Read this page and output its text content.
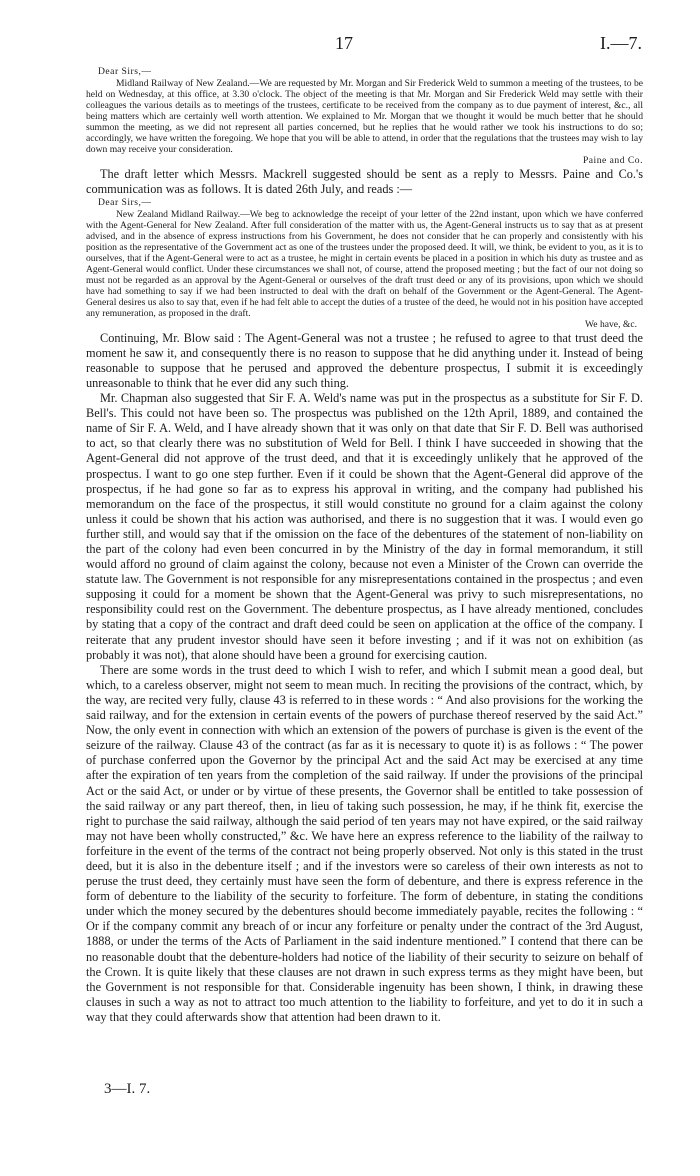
17	I.—7.

Dear Sirs,—

Midland Railway of New Zealand.—We are requested by Mr. Morgan and Sir Frederick Weld to summon a meeting of the trustees, to be held on Wednesday, at this office, at 3.30 o'clock. The object of the meeting is that Mr. Morgan and Sir Frederick Weld may settle with their colleagues the various details as to meetings of the trustees, certificate to be received from the company as to due payment of interest, &c., all being matters which are certainly well worth attention. We explained to Mr. Morgan that we thought it would be much better that he should summon the meeting, as we did not represent all parties concerned, but he replies that he would rather we took his instructions to do so; accordingly, we have written the foregoing. We hope that you will be able to attend, in order that the regulations that the trustees may wish to lay down may receive your consideration.

Paine and Co.

The draft letter which Messrs. Mackrell suggested should be sent as a reply to Messrs. Paine and Co.'s communication was as follows. It is dated 26th July, and reads :—

Dear Sirs,—

New Zealand Midland Railway.—We beg to acknowledge the receipt of your letter of the 22nd instant, upon which we have conferred with the Agent-General for New Zealand. After full consideration of the matter with us, the Agent-General instructs us to say that as at present advised, and in the absence of express instructions from his Government, he does not consider that he can properly and consistently with his position as the representative of the Government act as one of the trustees under the proposed deed. It will, we think, be evident to you, as it is to ourselves, that if the Agent-General were to act as a trustee, he might in certain events be placed in a position in which his duty as trustee and as Agent-General would conflict. Under these circumstances we shall not, of course, attend the proposed meeting ; but the fact of our not doing so must not be regarded as an approval by the Agent-General or ourselves of the draft trust deed or any of its provisions, upon which we should have had something to say if we had been instructed to deal with the draft on behalf of the Government or the Agent-General. The Agent-General desires us also to say that, even if he had felt able to accept the duties of a trustee of the deed, he would not in his position have accepted any remuneration, as proposed in the draft.

We have, &c.

Continuing, Mr. Blow said : The Agent-General was not a trustee ; he refused to agree to that trust deed the moment he saw it, and consequently there is no reason to suppose that he did anything under it. Instead of being reasonable to suppose that he perused and approved the debenture prospectus, I submit it is exceedingly unreasonable to think that he ever did any such thing.

Mr. Chapman also suggested that Sir F. A. Weld's name was put in the prospectus as a substitute for Sir F. D. Bell's. This could not have been so. The prospectus was published on the 12th April, 1889, and contained the name of Sir F. A. Weld, and I have already shown that it was only on that date that Sir F. D. Bell was authorised to act, so that clearly there was no substitution of Weld for Bell. I think I have succeeded in showing that the Agent-General did not approve of the trust deed, and that it is exceedingly unlikely that he approved of the prospectus. I want to go one step further. Even if it could be shown that the Agent-General did approve of the prospectus, if he had gone so far as to express his approval in writing, and the company had published his memorandum on the face of the prospectus, it still would constitute no ground for a claim against the colony unless it could be shown that his action was authorised, and there is no suggestion that it was. I would even go further still, and would say that if the omission on the face of the debentures of the statement of non-liability on the part of the colony had even been concurred in by the Ministry of the day in formal memorandum, it still would afford no ground of claim against the colony, because not even a Minister of the Crown can override the statute law. The Government is not responsible for any misrepresentations contained in the prospectus ; and even supposing it could for a moment be shown that the Agent-General was privy to such misrepresentations, no responsibility could rest on the Government. The debenture prospectus, as I have already mentioned, concludes by stating that a copy of the contract and draft deed could be seen on application at the office of the company. I reiterate that any prudent investor should have seen it before investing ; and if it was not on exhibition (as probably it was not), that alone should have been a ground for exercising caution.

There are some words in the trust deed to which I wish to refer, and which I submit mean a good deal, but which, to a careless observer, might not seem to mean much. In reciting the provisions of the contract, which, by the way, are recited very fully, clause 43 is referred to in these words : “ And also provisions for the working the said railway, and for the extension in certain events of the powers of purchase thereof reserved by the said Act.” Now, the only event in connection with which an extension of the powers of purchase is given is the event of the seizure of the railway. Clause 43 of the contract (as far as it is necessary to quote it) is as follows : “ The power of purchase conferred upon the Governor by the principal Act and the said Act may be exercised at any time after the expiration of ten years from the completion of the said railway. If under the provisions of the principal Act or the said Act, or under or by virtue of these presents, the Governor shall be entitled to take possession of the said railway or any part thereof, then, in lieu of taking such possession, he may, if he think fit, exercise the right to purchase the said railway, although the said period of ten years may not have expired, or the said railway may not have been wholly constructed,” &c. We have here an express reference to the liability of the railway to forfeiture in the event of the terms of the contract not being properly observed. Not only is this stated in the trust deed, but it is also in the debenture itself ; and if the investors were so careless of their own interests as not to peruse the trust deed, they certainly must have seen the form of debenture, and there is express reference in the form of debenture to the liability of the security to forfeiture. The form of debenture, in stating the conditions under which the money secured by the debentures should become immediately payable, recites the following : “ Or if the company commit any breach of or incur any forfeiture or penalty under the contract of the 3rd August, 1888, or under the terms of the Acts of Parliament in the said indenture mentioned.” I contend that there can be no reasonable doubt that the debenture-holders had notice of the liability of their security to seizure on behalf of the Crown. It is quite likely that these clauses are not drawn in such express terms as they might have been, but the Government is not responsible for that. Considerable ingenuity has been shown, I think, in drawing these clauses in such a way as not to attract too much attention to the liability to forfeiture, and yet to do it in such a way that they could afterwards show that attention had been drawn to it.

3—I. 7.
